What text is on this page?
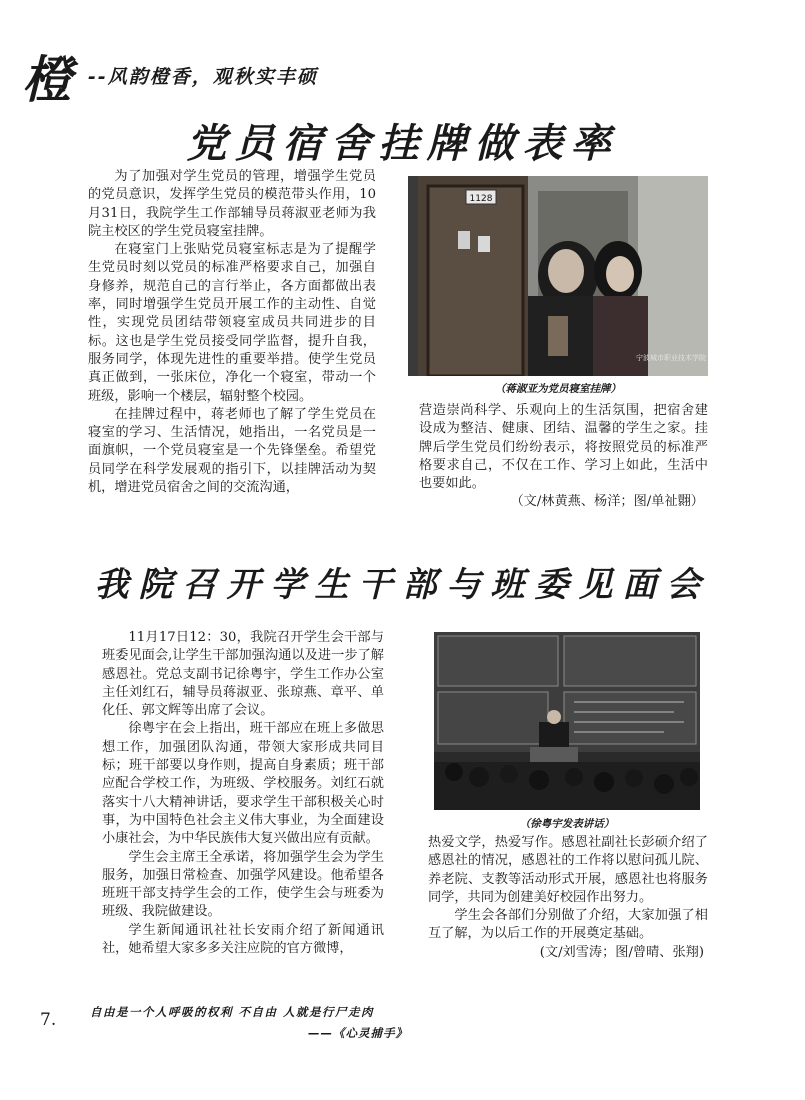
橙 --风韵橙香，观秋实丰硕
党员宿舍挂牌做表率

为了加强对学生党员的管理，增强学生党员的党员意识，发挥学生党员的模范带头作用，10月31日，我院学生工作部辅导员蒋淑亚老师为我院主校区的学生党员寝室挂牌。

在寝室门上张贴党员寝室标志是为了提醒学生党员时刻以党员的标准严格要求自己，加强自身修养，规范自己的言行举止，各方面都做出表率，同时增强学生党员开展工作的主动性、自觉性，实现党员团结带领寝室成员共同进步的目标。这也是学生党员接受同学监督，提升自我，服务同学，体现先进性的重要举措。使学生党员真正做到，一张床位，净化一个寝室，带动一个班级，影响一个楼层，辐射整个校园。

在挂牌过程中，蒋老师也了解了学生党员在寝室的学习、生活情况，她指出，一名党员是一面旗帜，一个党员寝室是一个先锋堡垒。希望党员同学在科学发展观的指引下，以挂牌活动为契机，增进党员宿舍之间的交流沟通，

1128
宁波城市职业技术学院
（蒋淑亚为党员寝室挂牌）

营造崇尚科学、乐观向上的生活氛围，把宿舍建设成为整洁、健康、团结、温馨的学生之家。挂牌后学生党员们纷纷表示，将按照党员的标准严格要求自己，不仅在工作、学习上如此，生活中也要如此。

（文/林黄燕、杨洋；图/单祉翾）

我院召开学生干部与班委见面会

11月17日12：30，我院召开学生会干部与班委见面会,让学生干部加强沟通以及进一步了解感恩社。党总支副书记徐粤宇，学生工作办公室主任刘红石，辅导员蒋淑亚、张琼燕、章平、单化任、郭文辉等出席了会议。

徐粤宇在会上指出，班干部应在班上多做思想工作，加强团队沟通，带领大家形成共同目标；班干部要以身作则，提高自身素质；班干部应配合学校工作，为班级、学校服务。刘红石就落实十八大精神讲话，要求学生干部积极关心时事，为中国特色社会主义伟大事业，为全面建设小康社会，为中华民族伟大复兴做出应有贡献。

学生会主席王全承诺，将加强学生会为学生服务，加强日常检查、加强学风建设。他希望各班班干部支持学生会的工作，使学生会与班委为班级、我院做建设。

学生新闻通讯社社长安雨介绍了新闻通讯社，她希望大家多多关注应院的官方微博，

（徐粤宇发表讲话）

热爱文学，热爱写作。感恩社副社长彭硕介绍了感恩社的情况，感恩社的工作将以慰问孤儿院、养老院、支教等活动形式开展，感恩社也将服务同学，共同为创建美好校园作出努力。

学生会各部们分别做了介绍，大家加强了相互了解，为以后工作的开展奠定基础。

(文/刘雪涛；图/曾晴、张翔)

7.	自由是一个人呼吸的权利 不自由 人就是行尸走肉
——《心灵捕手》
